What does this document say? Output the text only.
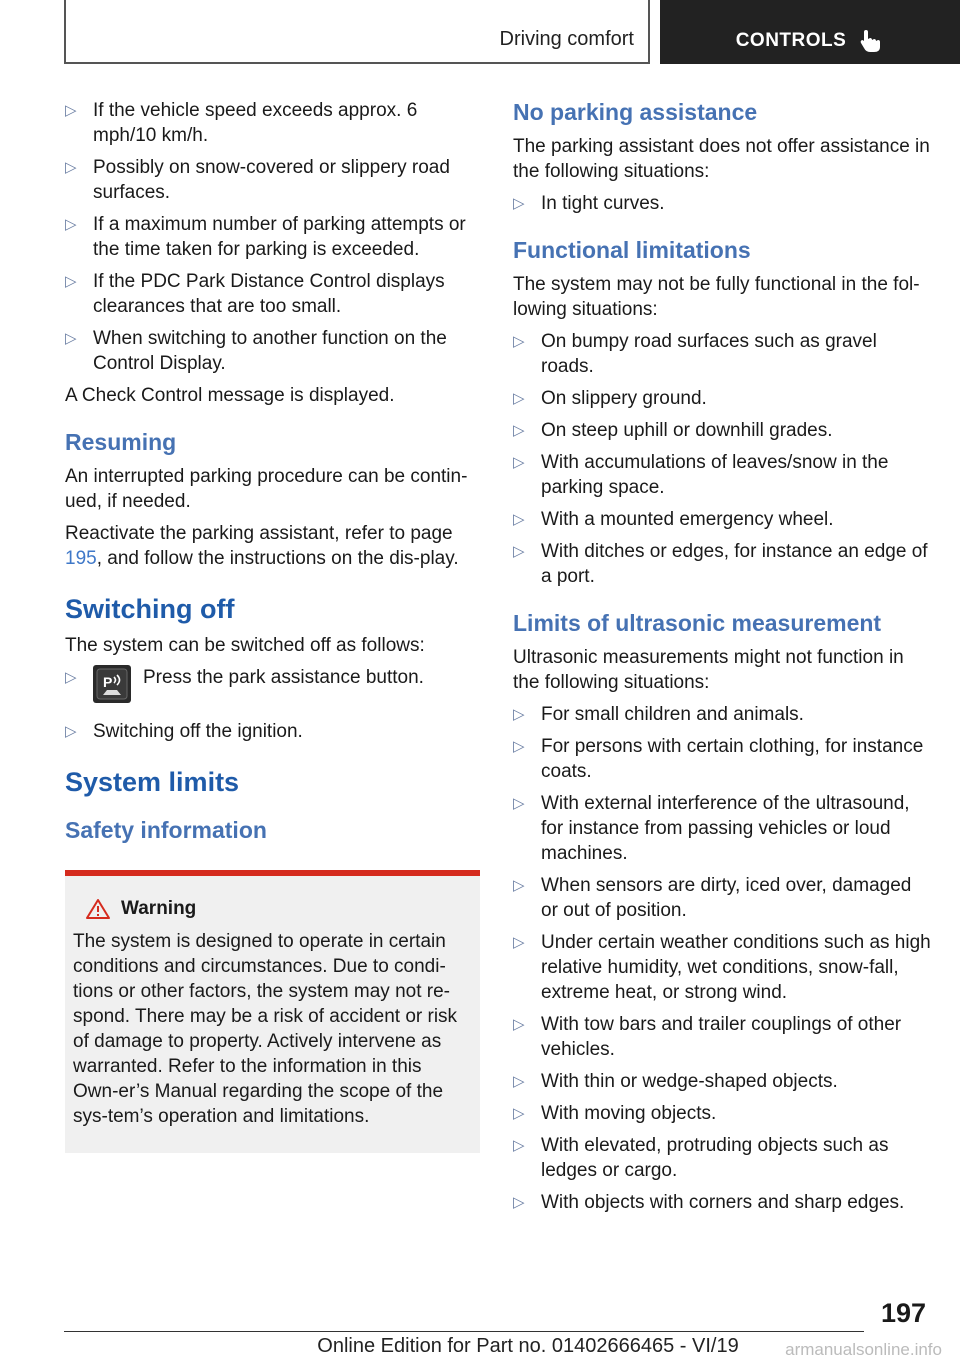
Driving comfort	CONTROLS
▷ If the vehicle speed exceeds approx. 6 mph/10 km/h.
▷ Possibly on snow-covered or slippery road surfaces.
▷ If a maximum number of parking attempts or the time taken for parking is exceeded.
▷ If the PDC Park Distance Control displays clearances that are too small.
▷ When switching to another function on the Control Display.

A Check Control message is displayed.

Resuming

An interrupted parking procedure can be contin-ued, if needed.

Reactivate the parking assistant, refer to page 195, and follow the instructions on the dis-play.

Switching off

The system can be switched off as follows:

▷ P Press the park assistance button.
▷ Switching off the ignition.
System limits
Safety information
Warning

The system is designed to operate in certain conditions and circumstances. Due to condi-tions or other factors, the system may not re-spond. There may be a risk of accident or risk of damage to property. Actively intervene as warranted. Refer to the information in this Own-er’s Manual regarding the scope of the sys-tem’s operation and limitations.

No parking assistance

The parking assistant does not offer assistance in the following situations:

▷ In tight curves.
Functional limitations

The system may not be fully functional in the fol-lowing situations:

▷ On bumpy road surfaces such as gravel roads.
▷ On slippery ground.
▷ On steep uphill or downhill grades.
▷ With accumulations of leaves/snow in the parking space.
▷ With a mounted emergency wheel.
▷ With ditches or edges, for instance an edge of a port.
Limits of ultrasonic measurement

Ultrasonic measurements might not function in the following situations:

▷ For small children and animals.
▷ For persons with certain clothing, for instance coats.
▷ With external interference of the ultrasound, for instance from passing vehicles or loud machines.
▷ When sensors are dirty, iced over, damaged or out of position.
▷ Under certain weather conditions such as high relative humidity, wet conditions, snow-fall, extreme heat, or strong wind.
▷ With tow bars and trailer couplings of other vehicles.
▷ With thin or wedge-shaped objects.
▷ With moving objects.
▷ With elevated, protruding objects such as ledges or cargo.
▷ With objects with corners and sharp edges.
197
Online Edition for Part no. 01402666465 - VI/19	armanualsonline.info
